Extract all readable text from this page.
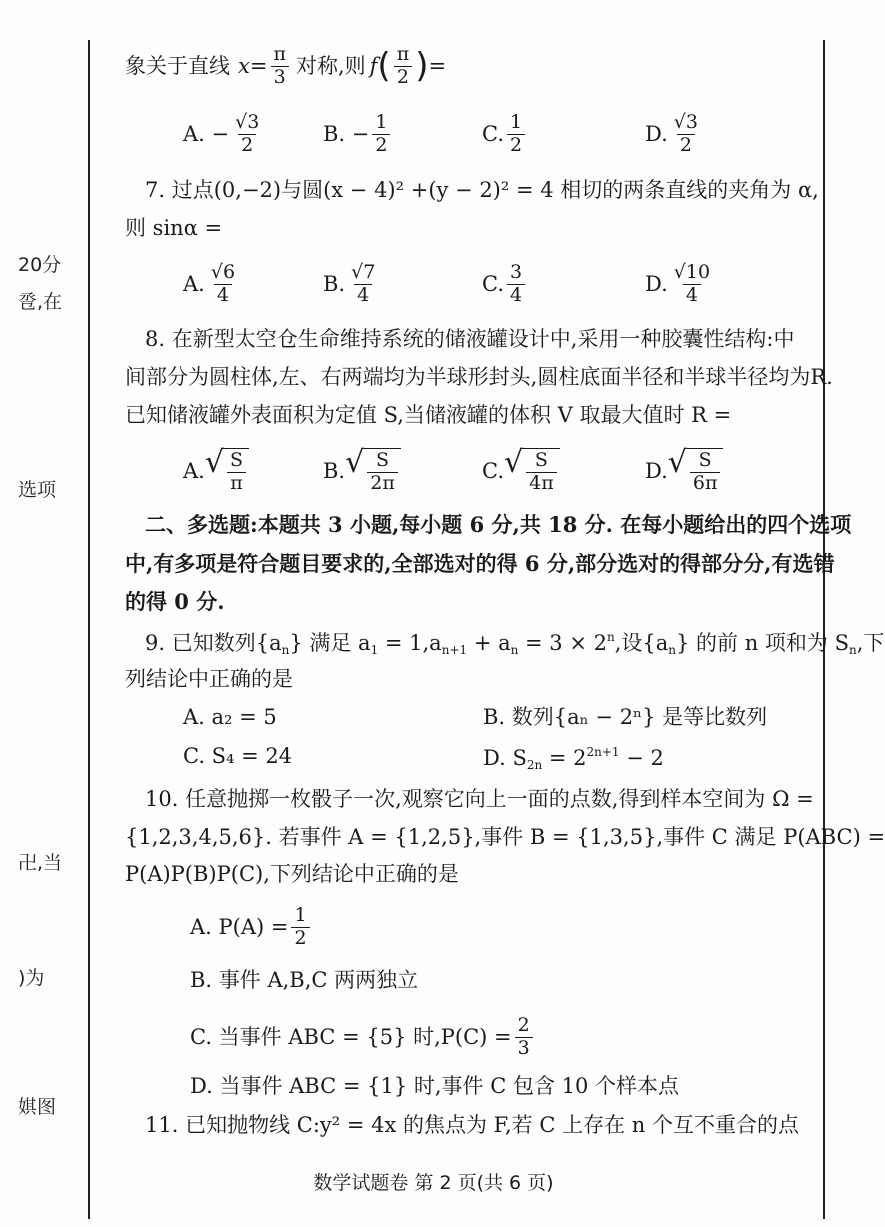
20分
卺,在
选项
卍,当
)为
娸图
象关于直线 $x = \frac{\pi}{3}$ 对称,则 f ( $\frac{\pi}{2}$ ) =
A. − $\frac{√3}{2}$	B. − $\frac{1}{2}$	C. $\frac{1}{2}$	D. $\frac{√3}{2}$
7. 过点(0,−2)与圆(x − 4)² +(y − 2)² = 4 相切的两条直线的夹角为 α,
则 sinα =
A. $\frac{√6}{4}$	B. $\frac{√7}{4}$	C. $\frac{3}{4}$	D. $\frac{√10}{4}$
8. 在新型太空仓生命维持系统的储液罐设计中,采用一种胶囊性结构:中
间部分为圆柱体,左、右两端均为半球形封头,圆柱底面半径和半球半径均为R.
已知储液罐外表面积为定值 S,当储液罐的体积 V 取最大值时 R =
A. √ $\frac{S}{\pi}$	B. √ $\frac{S}{2\pi}$	C. √ $\frac{S}{4\pi}$	D. √ $\frac{S}{6\pi}$
二、多选题:本题共 3 小题,每小题 6 分,共 18 分. 在每小题给出的四个选项
中,有多项是符合题目要求的,全部选对的得 6 分,部分选对的得部分分,有选错
的得 0 分.
9. 已知数列$\{a_n\}$ 满足 $a_1 = 1,a_{n+1} + a_n = 3 \times 2^n$,设$\{a_n\}$ 的前 n 项和为 $S_n$,下
列结论中正确的是
A. a₂ = 5	B. 数列{aₙ − 2ⁿ} 是等比数列
C. S₄ = 24	D. $S_{2n} = 2^{2n+1} - 2$
10. 任意抛掷一枚骰子一次,观察它向上一面的点数,得到样本空间为 Ω =
{1,2,3,4,5,6}. 若事件 A = {1,2,5},事件 B = {1,3,5},事件 C 满足 P(ABC) =
P(A)P(B)P(C),下列结论中正确的是
A. $P(A) = \frac{1}{2}$
B. 事件 A,B,C 两两独立
C. 当事件 ABC = {5} 时$,P(C) = \frac{2}{3}$
D. 当事件 ABC = {1} 时,事件 C 包含 10 个样本点
11. 已知抛物线 C:y² = 4x 的焦点为 F,若 C 上存在 n 个互不重合的点
数学试题卷 第 2 页(共 6 页)
